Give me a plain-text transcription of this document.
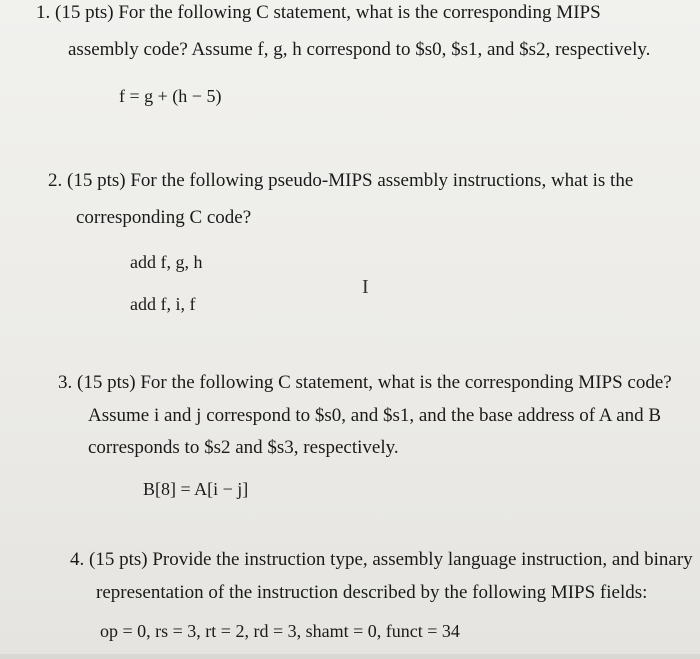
1. (15 pts) For the following C statement, what is the corresponding MIPS
assembly code? Assume f, g, h correspond to $s0, $s1, and $s2, respectively.
f = g + (h − 5)
2. (15 pts) For the following pseudo-MIPS assembly instructions, what is the
corresponding C code?
add f, g, h
add f, i, f
I
3. (15 pts) For the following C statement, what is the corresponding MIPS code?
Assume i and j correspond to $s0, and $s1, and the base address of A and B
corresponds to $s2 and $s3, respectively.
B[8] = A[i − j]
4. (15 pts) Provide the instruction type, assembly language instruction, and binary
representation of the instruction described by the following MIPS fields:
op = 0, rs = 3, rt = 2, rd = 3, shamt = 0, funct = 34
